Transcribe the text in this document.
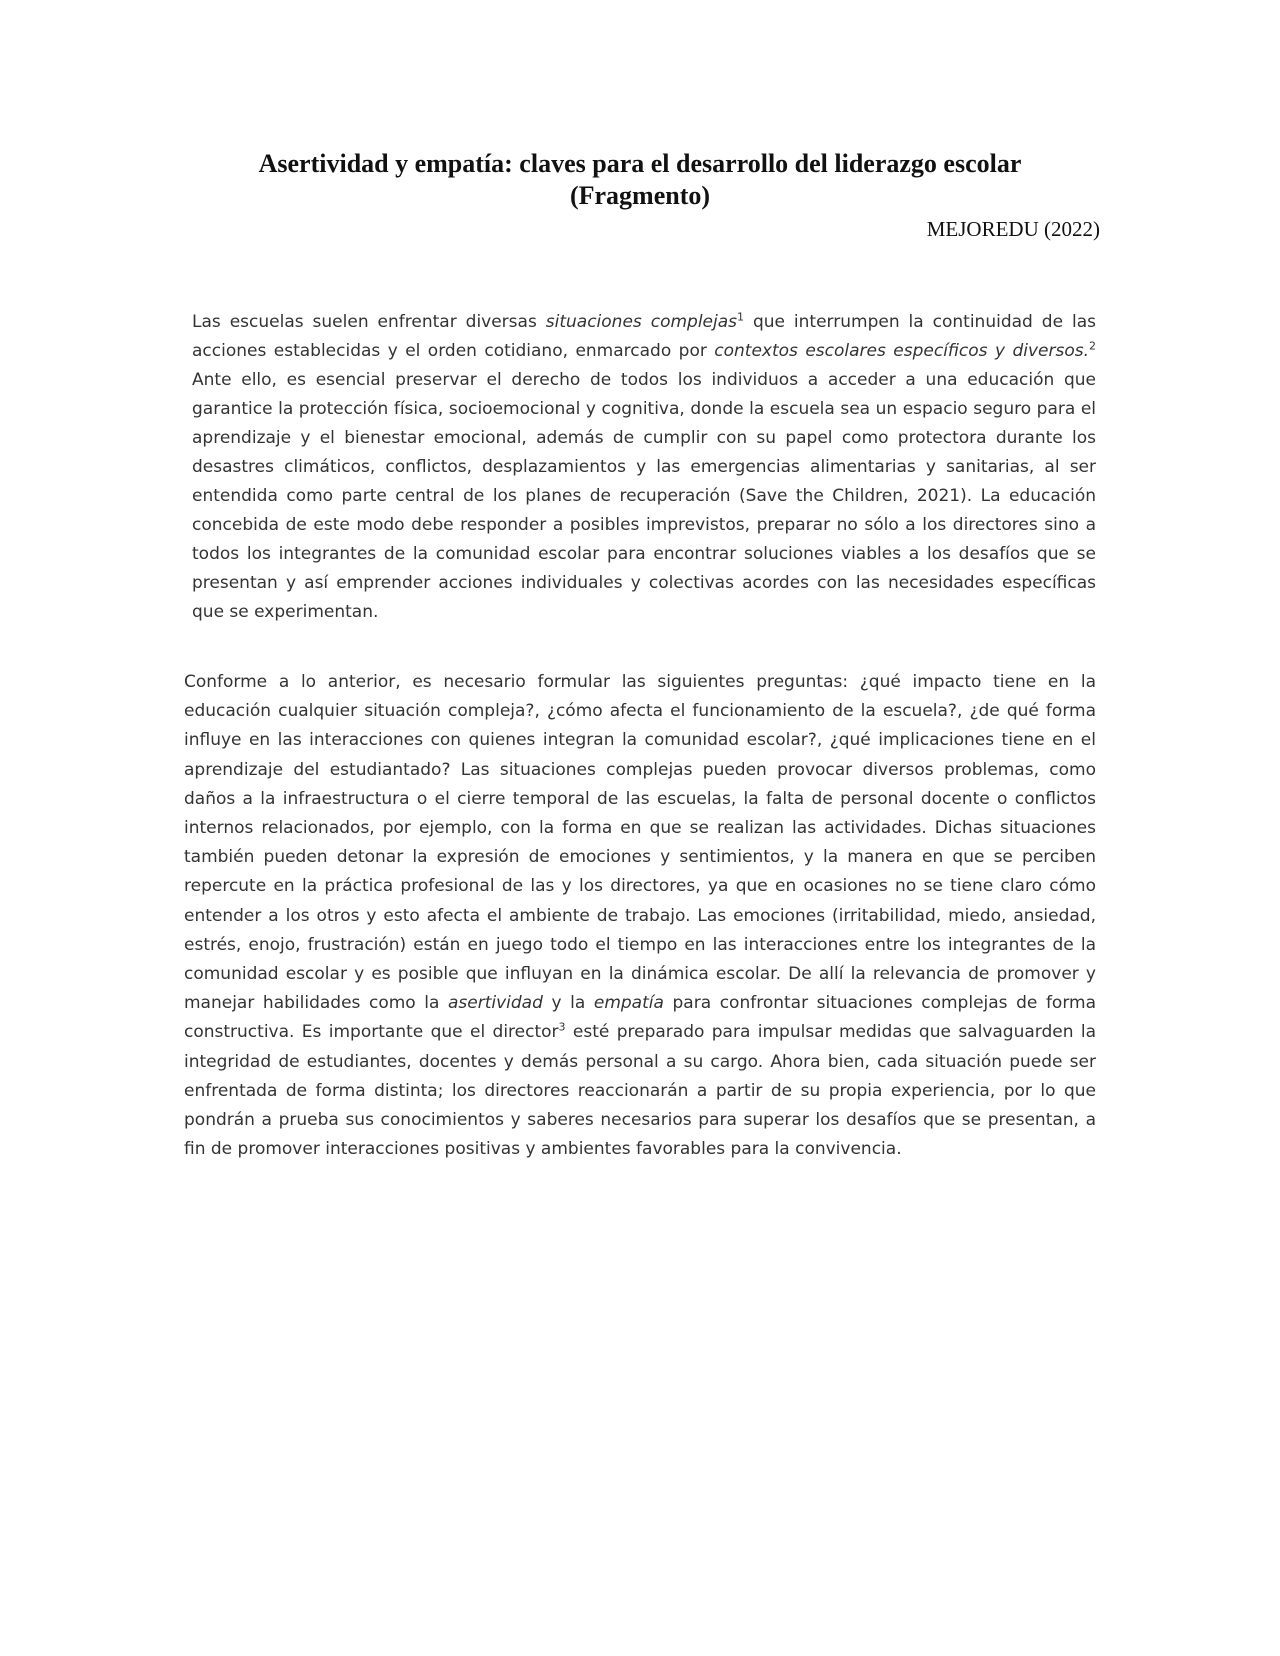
Asertividad y empatía: claves para el desarrollo del liderazgo escolar
(Fragmento)

MEJOREDU (2022)

Las escuelas suelen enfrentar diversas situaciones complejas$^1$ que interrumpen la continuidad de las acciones establecidas y el orden cotidiano, enmarcado por contextos escolares específicos y diversos.$^2$ Ante ello, es esencial preservar el derecho de todos los individuos a acceder a una educación que garantice la protección física, socioemocional y cognitiva, donde la escuela sea un espacio seguro para el aprendizaje y el bienestar emocional, además de cumplir con su papel como protectora durante los desastres climáticos, conflictos, desplazamientos y las emergencias alimentarias y sanitarias, al ser entendida como parte central de los planes de recuperación (Save the Children, 2021). La educación concebida de este modo debe responder a posibles imprevistos, preparar no sólo a los directores sino a todos los integrantes de la comunidad escolar para encontrar soluciones viables a los desafíos que se presentan y así emprender acciones individuales y colectivas acordes con las necesidades específicas que se experimentan.

Conforme a lo anterior, es necesario formular las siguientes preguntas: ¿qué impacto tiene en la educación cualquier situación compleja?, ¿cómo afecta el funcionamiento de la escuela?, ¿de qué forma influye en las interacciones con quienes integran la comunidad escolar?, ¿qué implicaciones tiene en el aprendizaje del estudiantado? Las situaciones complejas pueden provocar diversos problemas, como daños a la infraestructura o el cierre temporal de las escuelas, la falta de personal docente o conflictos internos relacionados, por ejemplo, con la forma en que se realizan las actividades. Dichas situaciones también pueden detonar la expresión de emociones y sentimientos, y la manera en que se perciben repercute en la práctica profesional de las y los directores, ya que en ocasiones no se tiene claro cómo entender a los otros y esto afecta el ambiente de trabajo. Las emociones (irritabilidad, miedo, ansiedad, estrés, enojo, frustración) están en juego todo el tiempo en las interacciones entre los integrantes de la comunidad escolar y es posible que influyan en la dinámica escolar. De allí la relevancia de promover y manejar habilidades como la asertividad y la empatía para confrontar situaciones complejas de forma constructiva. Es importante que el director$^3$ esté preparado para impulsar medidas que salvaguarden la integridad de estudiantes, docentes y demás personal a su cargo. Ahora bien, cada situación puede ser enfrentada de forma distinta; los directores reaccionarán a partir de su propia experiencia, por lo que pondrán a prueba sus conocimientos y saberes necesarios para superar los desafíos que se presentan, a fin de promover interacciones positivas y ambientes favorables para la convivencia.
